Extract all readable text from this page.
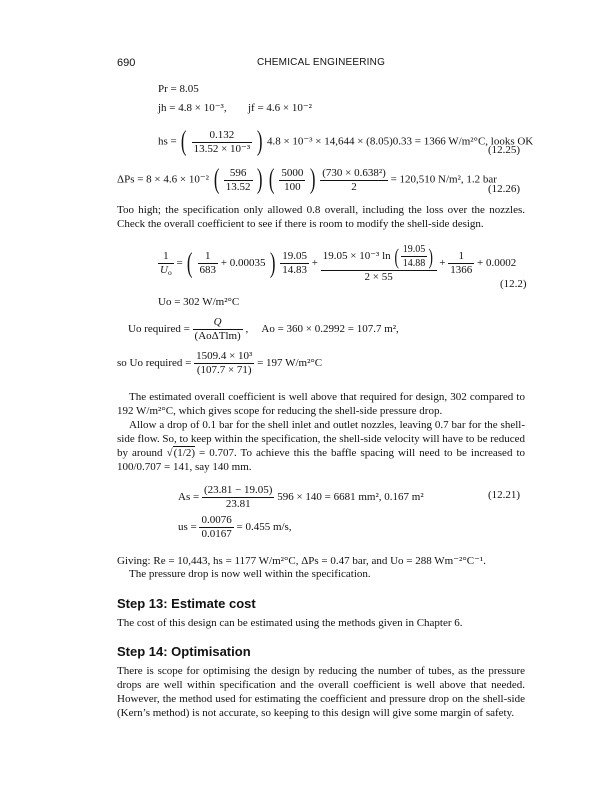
690	CHEMICAL ENGINEERING
Pr = 8.05
jh = 4.8 × 10⁻³, jf = 4.6 × 10⁻²
hs = ( $\frac{0.132}{\text{13.52 × 10⁻³}}$ ) 4.8 × 10⁻³ × 14,644 × (8.05)0.33 = 1366 W/m²°C, looks OK
(12.25)
ΔPs = 8 × 4.6 × 10⁻² ( $\frac{596}{13.52}$ ) ( $\frac{5000}{100}$ ) $\frac{\text{(730 × 0.638²)}}{2} = 120,510$ N/m², 1.2 bar
(12.26)
Too high; the specification only allowed 0.8 overall, including the loss over the nozzles. Check the overall coefficient to see if there is room to modify the shell-side design.
$\frac{1}{U_o}$ = ( $\frac{1}{683} + 0.00035$ ) $\frac{19.05}{14.83} + \frac{19.05 \times 10^{-3} \ln ( \frac{19.05}{14.88} )}{2 \times 55} + \frac{1}{1366} + 0.0002$
(12.2)
Uo = 302 W/m²°C
Uo required = $\frac{Q}{\text{(AoΔTlm)}}$ ,     Ao = 360 × 0.2992 = 107.7 m²,
so Uo required = $\frac{\text{1509.4 × 10³}}{(107.7 \times 71)} = 197$ W/m²°C
The estimated overall coefficient is well above that required for design, 302 compared to 192 W/m²°C, which gives scope for reducing the shell-side pressure drop.
Allow a drop of 0.1 bar for the shell inlet and outlet nozzles, leaving 0.7 bar for the shell-side flow. So, to keep within the specification, the shell-side velocity will have to be reduced by around √(1/2) = 0.707. To achieve this the baffle spacing will need to be increased to 100/0.707 = 141, say 140 mm.
$As = \frac{(23.81 - 19.05)}{23.81} 596 \times 140 = 6681$ mm², 0.167 m²	(12.21)
us = $\frac{0.0076}{0.0167} = 0.455$ m/s,
Giving: Re = 10,443, hs = 1177 W/m²°C, ΔPs = 0.47 bar, and Uo = 288 Wm⁻²°C⁻¹.
The pressure drop is now well within the specification.
Step 13: Estimate cost
The cost of this design can be estimated using the methods given in Chapter 6.
Step 14: Optimisation
There is scope for optimising the design by reducing the number of tubes, as the pressure drops are well within specification and the overall coefficient is well above that needed. However, the method used for estimating the coefficient and pressure drop on the shell-side (Kern’s method) is not accurate, so keeping to this design will give some margin of safety.
